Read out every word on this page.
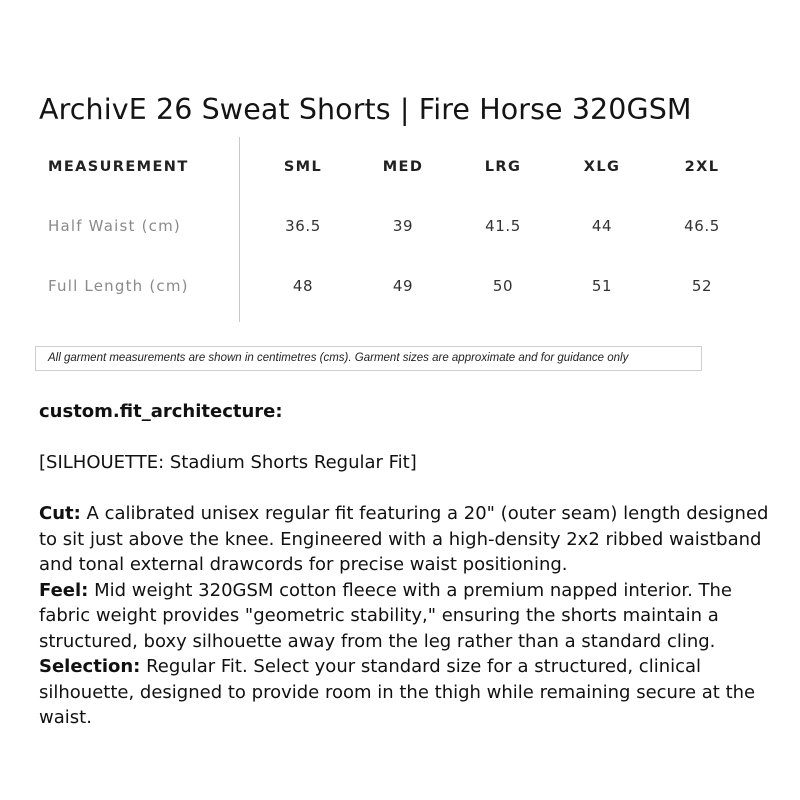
ArchivE 26 Sweat Shorts | Fire Horse 320GSM
MEASUREMENT	SML	MED	LRG	XLG	2XL
Half Waist (cm)	36.5	39	41.5	44	46.5
Full Length (cm)	48	49	50	51	52
All garment measurements are shown in centimetres (cms). Garment sizes are approximate and for guidance only

custom.fit_architecture:

[SILHOUETTE: Stadium Shorts Regular Fit]

Cut: A calibrated unisex regular fit featuring a 20" (outer seam) length designed to sit just above the knee. Engineered with a high-density 2x2 ribbed waistband and tonal external drawcords for precise waist positioning.

Feel: Mid weight 320GSM cotton fleece with a premium napped interior. The fabric weight provides "geometric stability," ensuring the shorts maintain a structured, boxy silhouette away from the leg rather than a standard cling.

Selection: Regular Fit. Select your standard size for a structured, clinical silhouette, designed to provide room in the thigh while remaining secure at the waist.
